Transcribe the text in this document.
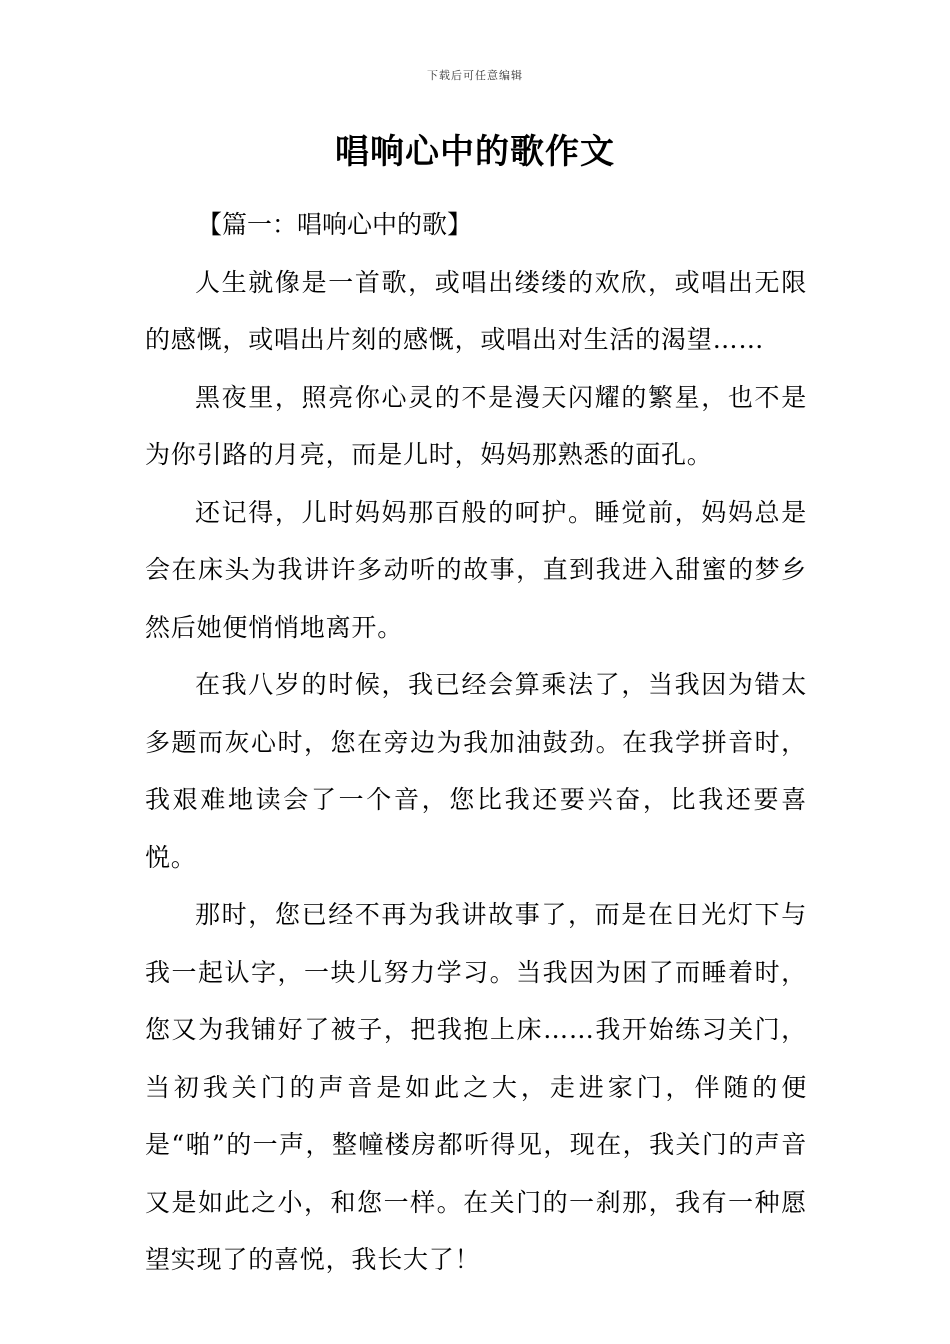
下载后可任意编辑
唱响心中的歌作文

【篇一：唱响心中的歌】

人生就像是一首歌，或唱出缕缕的欢欣，或唱出无限的感慨，或唱出片刻的感慨，或唱出对生活的渴望……

黑夜里，照亮你心灵的不是漫天闪耀的繁星，也不是为你引路的月亮，而是儿时，妈妈那熟悉的面孔。

还记得，儿时妈妈那百般的呵护。睡觉前，妈妈总是会在床头为我讲许多动听的故事，直到我进入甜蜜的梦乡然后她便悄悄地离开。

在我八岁的时候，我已经会算乘法了，当我因为错太多题而灰心时，您在旁边为我加油鼓劲。在我学拼音时，我艰难地读会了一个音，您比我还要兴奋，比我还要喜悦。

那时，您已经不再为我讲故事了，而是在日光灯下与我一起认字，一块儿努力学习。当我因为困了而睡着时，您又为我铺好了被子，把我抱上床……我开始练习关门，当初我关门的声音是如此之大，走进家门，伴随的便是“啪”的一声，整幢楼房都听得见，现在，我关门的声音又是如此之小，和您一样。在关门的一刹那，我有一种愿望实现了的喜悦，我长大了！
